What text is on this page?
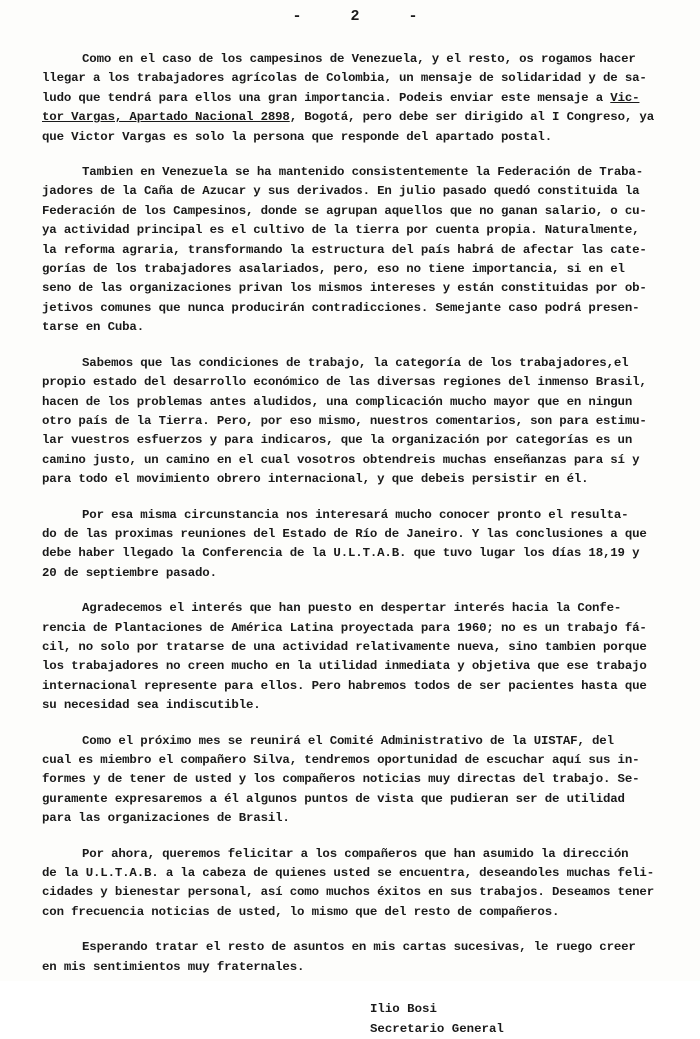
-	2	-

Como en el caso de los campesinos de Venezuela, y el resto, os rogamos hacer
llegar a los trabajadores agrícolas de Colombia, un mensaje de solidaridad y de sa-
ludo que tendrá para ellos una gran importancia. Podeis enviar este mensaje a Vic-
tor Vargas, Apartado Nacional 2898, Bogotá, pero debe ser dirigido al I Congreso, ya
que Victor Vargas es solo la persona que responde del apartado postal.

Tambien en Venezuela se ha mantenido consistentemente la Federación de Traba-
jadores de la Caña de Azucar y sus derivados. En julio pasado quedó constituida la
Federación de los Campesinos, donde se agrupan aquellos que no ganan salario, o cu-
ya actividad principal es el cultivo de la tierra por cuenta propia. Naturalmente,
la reforma agraria, transformando la estructura del país habrá de afectar las cate-
gorías de los trabajadores asalariados, pero, eso no tiene importancia, si en el
seno de las organizaciones privan los mismos intereses y están constituidas por ob-
jetivos comunes que nunca producirán contradicciones. Semejante caso podrá presen-
tarse en Cuba.

Sabemos que las condiciones de trabajo, la categoría de los trabajadores,el
propio estado del desarrollo económico de las diversas regiones del inmenso Brasil,
hacen de los problemas antes aludidos, una complicación mucho mayor que en ningun
otro país de la Tierra. Pero, por eso mismo, nuestros comentarios, son para estimu-
lar vuestros esfuerzos y para indicaros, que la organización por categorías es un
camino justo, un camino en el cual vosotros obtendreis muchas enseñanzas para sí y
para todo el movimiento obrero internacional, y que debeis persistir en él.

Por esa misma circunstancia nos interesará mucho conocer pronto el resulta-
do de las proximas reuniones del Estado de Río de Janeiro. Y las conclusiones a que
debe haber llegado la Conferencia de la U.L.T.A.B. que tuvo lugar los días 18,19 y
20 de septiembre pasado.

Agradecemos el interés que han puesto en despertar interés hacia la Confe-
rencia de Plantaciones de América Latina proyectada para 1960; no es un trabajo fá-
cil, no solo por tratarse de una actividad relativamente nueva, sino tambien porque
los trabajadores no creen mucho en la utilidad inmediata y objetiva que ese trabajo
internacional represente para ellos. Pero habremos todos de ser pacientes hasta que
su necesidad sea indiscutible.

Como el próximo mes se reunirá el Comité Administrativo de la UISTAF, del
cual es miembro el compañero Silva, tendremos oportunidad de escuchar aquí sus in-
formes y de tener de usted y los compañeros noticias muy directas del trabajo. Se-
guramente expresaremos a él algunos puntos de vista que pudieran ser de utilidad
para las organizaciones de Brasil.

Por ahora, queremos felicitar a los compañeros que han asumido la dirección
de la U.L.T.A.B. a la cabeza de quienes usted se encuentra, deseandoles muchas feli-
cidades y bienestar personal, así como muchos éxitos en sus trabajos. Deseamos tener
con frecuencia noticias de usted, lo mismo que del resto de compañeros.

Esperando tratar el resto de asuntos en mis cartas sucesivas, le ruego creer
en mis sentimientos muy fraternales.

Ilio Bosi
Secretario General
